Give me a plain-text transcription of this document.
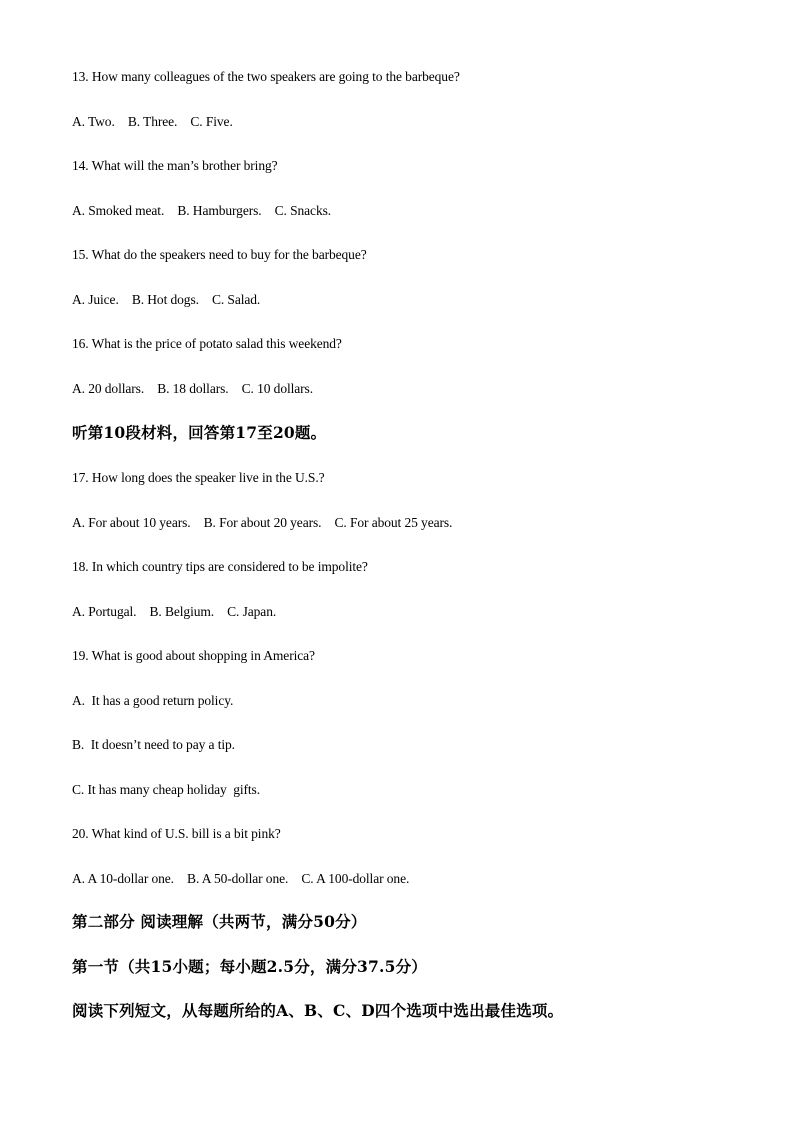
13. How many colleagues of the two speakers are going to the barbeque?
A. Two.    B. Three.    C. Five.
14. What will the man’s brother bring?
A. Smoked meat.    B. Hamburgers.    C. Snacks.
15. What do the speakers need to buy for the barbeque?
A. Juice.    B. Hot dogs.    C. Salad.
16. What is the price of potato salad this weekend?
A. 20 dollars.    B. 18 dollars.    C. 10 dollars.
听第10段材料，回答第17至20题。
17. How long does the speaker live in the U.S.?
A. For about 10 years.    B. For about 20 years.    C. For about 25 years.
18. In which country tips are considered to be impolite?
A. Portugal.    B. Belgium.    C. Japan.
19. What is good about shopping in America?
A.  It has a good return policy.
B.  It doesn’t need to pay a tip.
C. It has many cheap holiday  gifts.
20. What kind of U.S. bill is a bit pink?
A. A 10-dollar one.    B. A 50-dollar one.    C. A 100-dollar one.
第二部分 阅读理解（共两节，满分50分）
第一节（共15小题；每小题2.5分，满分37.5分）
阅读下列短文，从每题所给的A、B、C、D四个选项中选出最佳选项。
